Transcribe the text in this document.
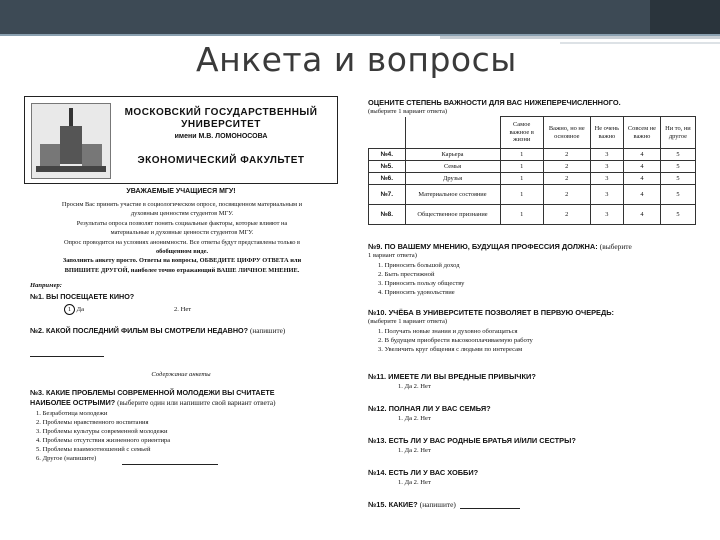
Анкета и вопросы
МОСКОВСКИЙ ГОСУДАРСТВЕННЫЙ
УНИВЕРСИТЕТ
имени М.В. ЛОМОНОСОВА
ЭКОНОМИЧЕСКИЙ ФАКУЛЬТЕТ
УВАЖАЕМЫЕ УЧАЩИЕСЯ МГУ!
Просим Вас принять участие в социологическом опросе, посвященном материальным и
духовным ценностям студентов МГУ.
Результаты опроса позволят понять социальные факторы, которые влияют на
материальные и духовные ценности студентов МГУ.
Опрос проводится на условиях анонимности. Все ответы будут представлены только в
обобщенном виде.
Заполнить анкету просто. Ответы на вопросы, ОБВЕДИТЕ ЦИФРУ ОТВЕТА или
ВПИШИТЕ ДРУГОЙ, наиболее точно отражающий ВАШЕ ЛИЧНОЕ МНЕНИЕ.
Например:
№1. ВЫ ПОСЕЩАЕТЕ КИНО?
1 Да	2. Нет
№2. КАКОЙ ПОСЛЕДНИЙ ФИЛЬМ ВЫ СМОТРЕЛИ НЕДАВНО? (напишите)
Содержание анкеты
№3. КАКИЕ ПРОБЛЕМЫ СОВРЕМЕННОЙ МОЛОДЕЖИ ВЫ СЧИТАЕТЕ
НАИБОЛЕЕ ОСТРЫМИ? (выберите один или напишите свой вариант ответа)
1. Безработица молодежи
2. Проблемы нравственного воспитания
3. Проблемы культуры современной молодежи
4. Проблемы отсутствия жизненного ориентира
5. Проблемы взаимоотношений с семьей
6. Другое (напишите)
ОЦЕНИТЕ СТЕПЕНЬ ВАЖНОСТИ ДЛЯ ВАС НИЖЕПЕРЕЧИСЛЕННОГО.
(выберите 1 вариант ответа)
		Самое важное в жизни	Важно, но не основное	Не очень важно	Совсем не важно	Ни то, ни другое
№4.	Карьера	1	2	3	4	5
№5.	Семья	1	2	3	4	5
№6.	Друзья	1	2	3	4	5
№7.	Материальное состояние	1	2	3	4	5
№8.	Общественное признание	1	2	3	4	5
№9. ПО ВАШЕМУ МНЕНИЮ, БУДУЩАЯ ПРОФЕССИЯ ДОЛЖНА: (выберите
1 вариант ответа)
1. Приносить большой доход
2. Быть престижной
3. Приносить пользу обществу
4. Приносить удовольствие
№10. УЧЁБА В УНИВЕРСИТЕТЕ ПОЗВОЛЯЕТ В ПЕРВУЮ ОЧЕРЕДЬ:
(выберите 1 вариант ответа)
1. Получать новые знания и духовно обогащаться
2. В будущем приобрести высокооплачиваемую работу
3. Увеличить круг общения с людьми по интересам
№11. ИМЕЕТЕ ЛИ ВЫ ВРЕДНЫЕ ПРИВЫЧКИ?
1. Да 2. Нет
№12. ПОЛНАЯ ЛИ У ВАС СЕМЬЯ?
1. Да 2. Нет
№13. ЕСТЬ ЛИ У ВАС РОДНЫЕ БРАТЬЯ И/ИЛИ СЕСТРЫ?
1. Да 2. Нет
№14. ЕСТЬ ЛИ У ВАС ХОББИ?
1. Да 2. Нет
№15. КАКИЕ? (напишите)
